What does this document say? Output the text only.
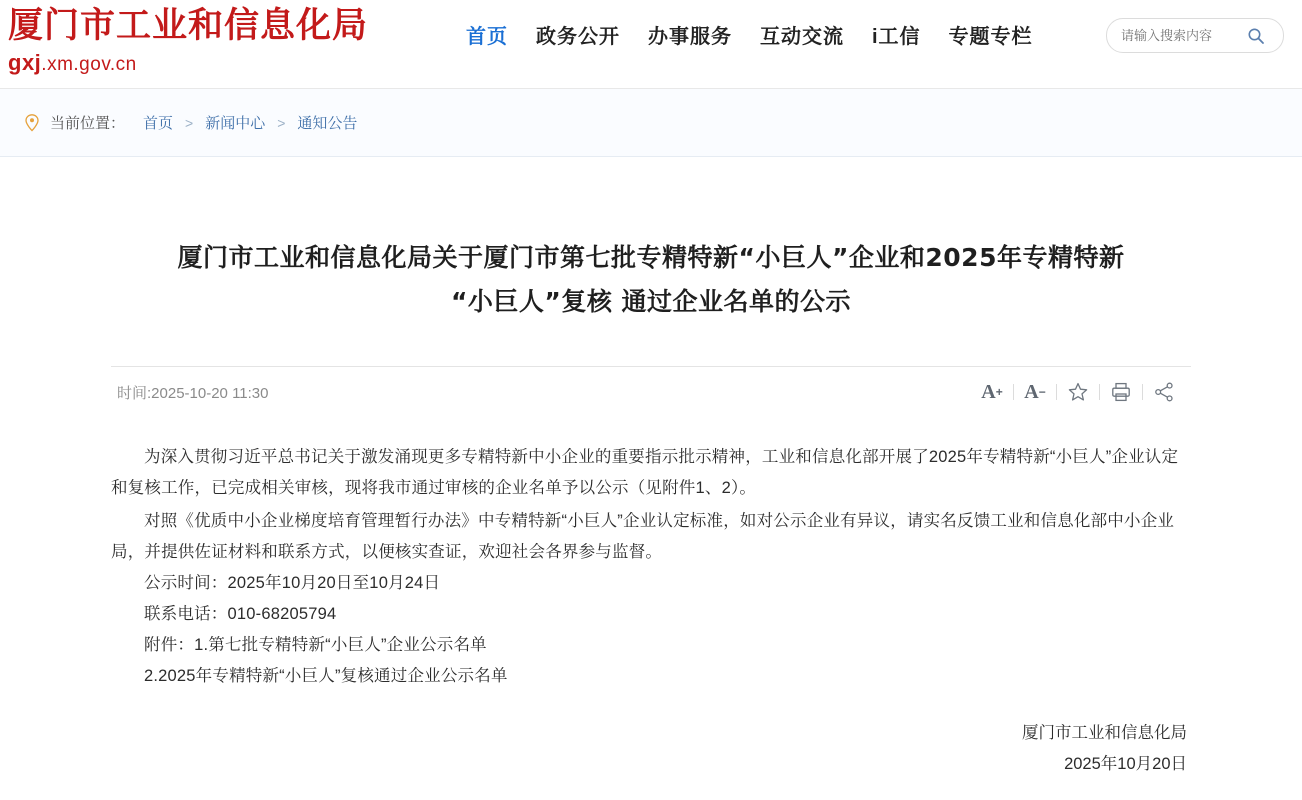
厦门市工业和信息化局
gxj.xm.gov.cn
首页 政务公开 办事服务 互动交流 i工信 专题专栏
请输入搜索内容
当前位置： 首页 > 新闻中心 > 通知公告
厦门市工业和信息化局关于厦门市第七批专精特新“小巨人”企业和2025年专精特新
“小巨人”复核 通过企业名单的公示
时间:2025-10-20 11:30	A + A −

为深入贯彻习近平总书记关于激发涌现更多专精特新中小企业的重要指示批示精神，工业和信息化部开展了2025年专精特新“小巨人”企业认定和复核工作，已完成相关审核，现将我市通过审核的企业名单予以公示（见附件1、2）。

对照《优质中小企业梯度培育管理暂行办法》中专精特新“小巨人”企业认定标准，如对公示企业有异议，请实名反馈工业和信息化部中小企业局，并提供佐证材料和联系方式，以便核实查证，欢迎社会各界参与监督。

公示时间：2025年10月20日至10月24日

联系电话：010-68205794

附件：1.第七批专精特新“小巨人”企业公示名单

2.2025年专精特新“小巨人”复核通过企业公示名单

厦门市工业和信息化局
2025年10月20日
